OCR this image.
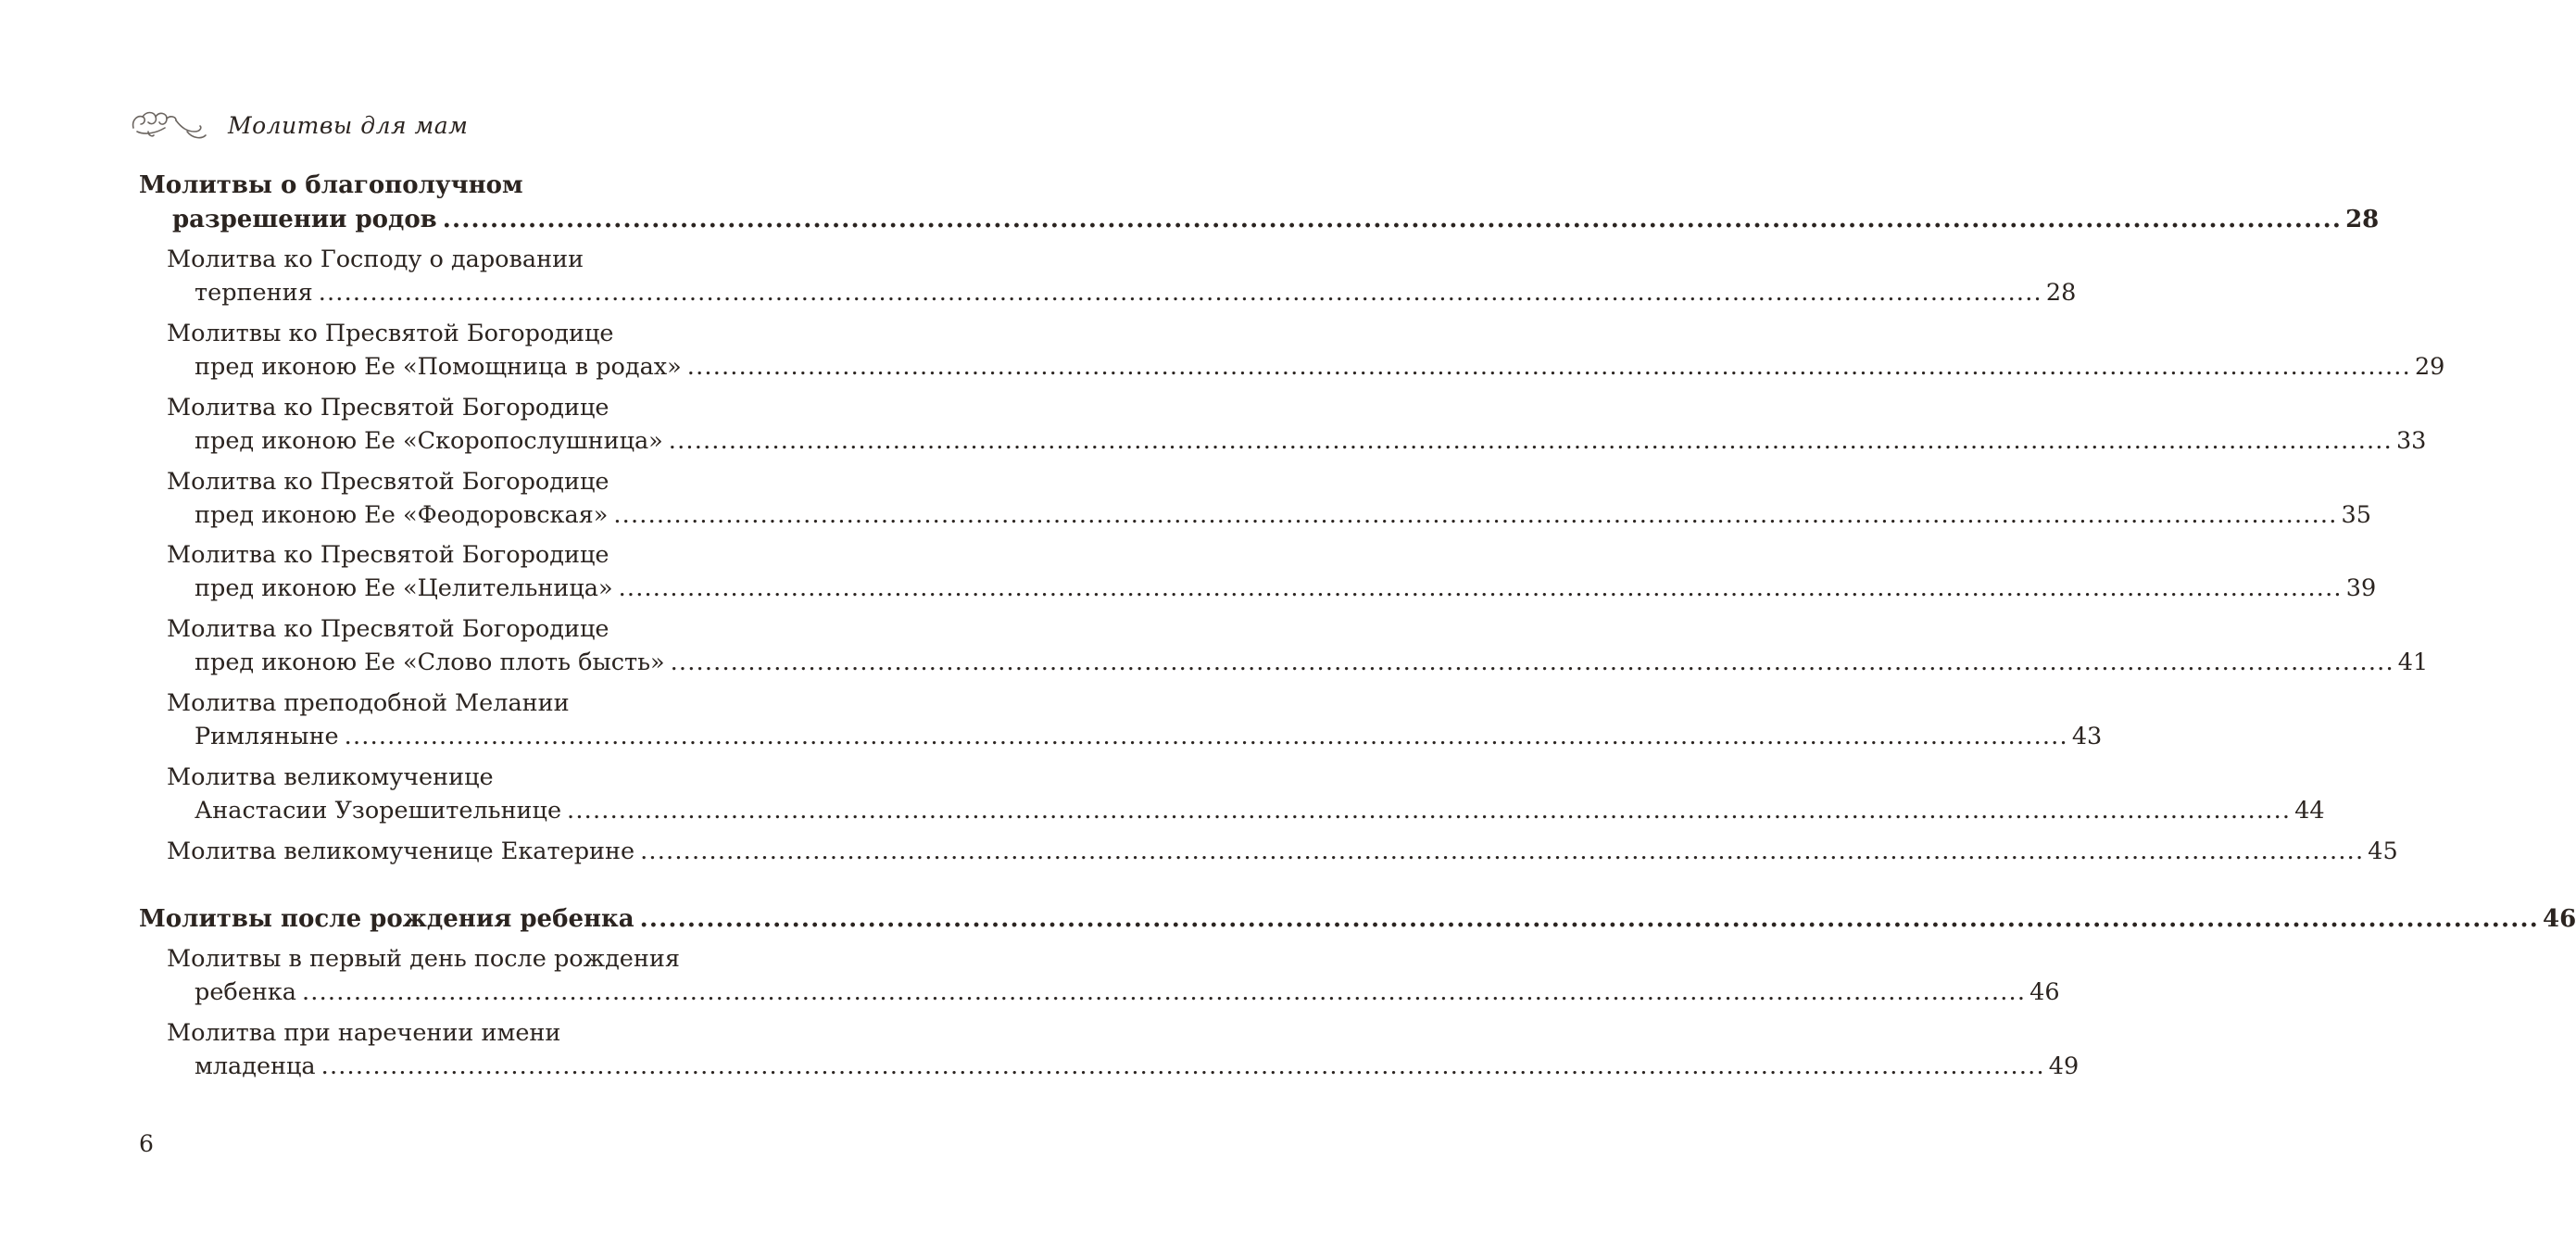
Молитвы для мам
Молитвы о благополучном
разрешении родов ........................................................................................................................................................................................................ 28
Молитва ко Господу о даровании
терпения ........................................................................................................................................................................................................ 28
Молитвы ко Пресвятой Богородице
пред иконою Ее «Помощница в родах» ........................................................................................................................................................................................................ 29
Молитва ко Пресвятой Богородице
пред иконою Ее «Скоропослушница» ........................................................................................................................................................................................................ 33
Молитва ко Пресвятой Богородице
пред иконою Ее «Феодоровская» ........................................................................................................................................................................................................ 35
Молитва ко Пресвятой Богородице
пред иконою Ее «Целительница» ........................................................................................................................................................................................................ 39
Молитва ко Пресвятой Богородице
пред иконою Ее «Слово плоть бысть» ........................................................................................................................................................................................................ 41
Молитва преподобной Мелании
Римляныне ........................................................................................................................................................................................................ 43
Молитва великомученице
Анастасии Узорешительнице ........................................................................................................................................................................................................ 44
Молитва великомученице Екатерине ........................................................................................................................................................................................................ 45
Молитвы после рождения ребенка ........................................................................................................................................................................................................ 46
Молитвы в первый день после рождения
ребенка ........................................................................................................................................................................................................ 46
Молитва при наречении имени
младенца ........................................................................................................................................................................................................ 49
6
